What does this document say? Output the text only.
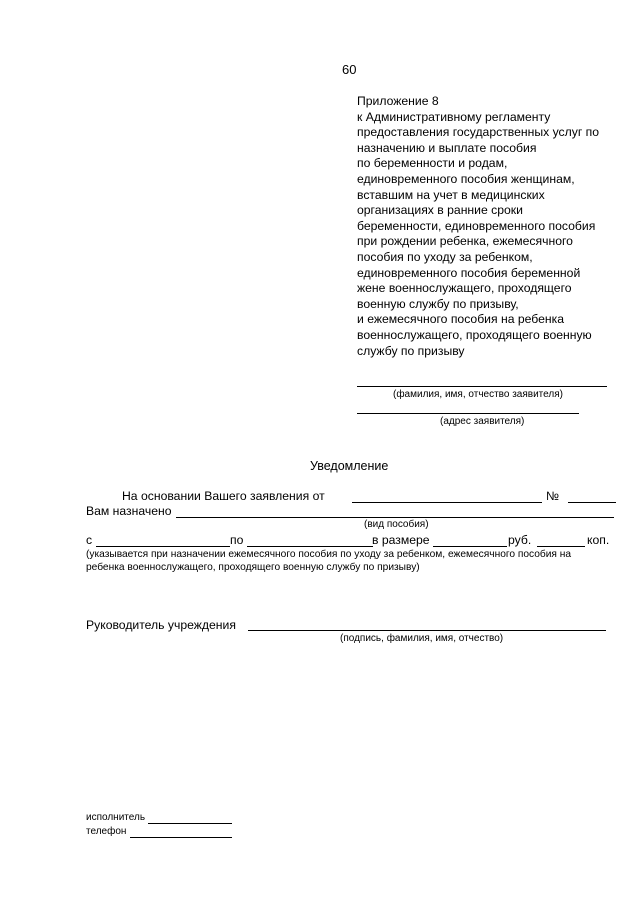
60
Приложение 8
к Административному регламенту
предоставления государственных услуг по
назначению и выплате пособия
по беременности и родам,
единовременного пособия женщинам,
вставшим на учет в медицинских
организациях в ранние сроки
беременности, единовременного пособия
при рождении ребенка, ежемесячного
пособия по уходу за ребенком,
единовременного пособия беременной
жене военнослужащего, проходящего
военную службу по призыву,
и ежемесячного пособия на ребенка
военнослужащего, проходящего военную
службу по призыву
(фамилия, имя, отчество заявителя)
(адрес заявителя)
Уведомление
На основании Вашего заявления от	№
Вам назначено
(вид пособия)
с	по	в размере	руб.	коп.
(указывается при назначении ежемесячного пособия по уходу за ребенком, ежемесячного пособия на
ребенка военнослужащего, проходящего военную службу по призыву)
Руководитель учреждения
(подпись, фамилия, имя, отчество)
исполнитель
телефон
